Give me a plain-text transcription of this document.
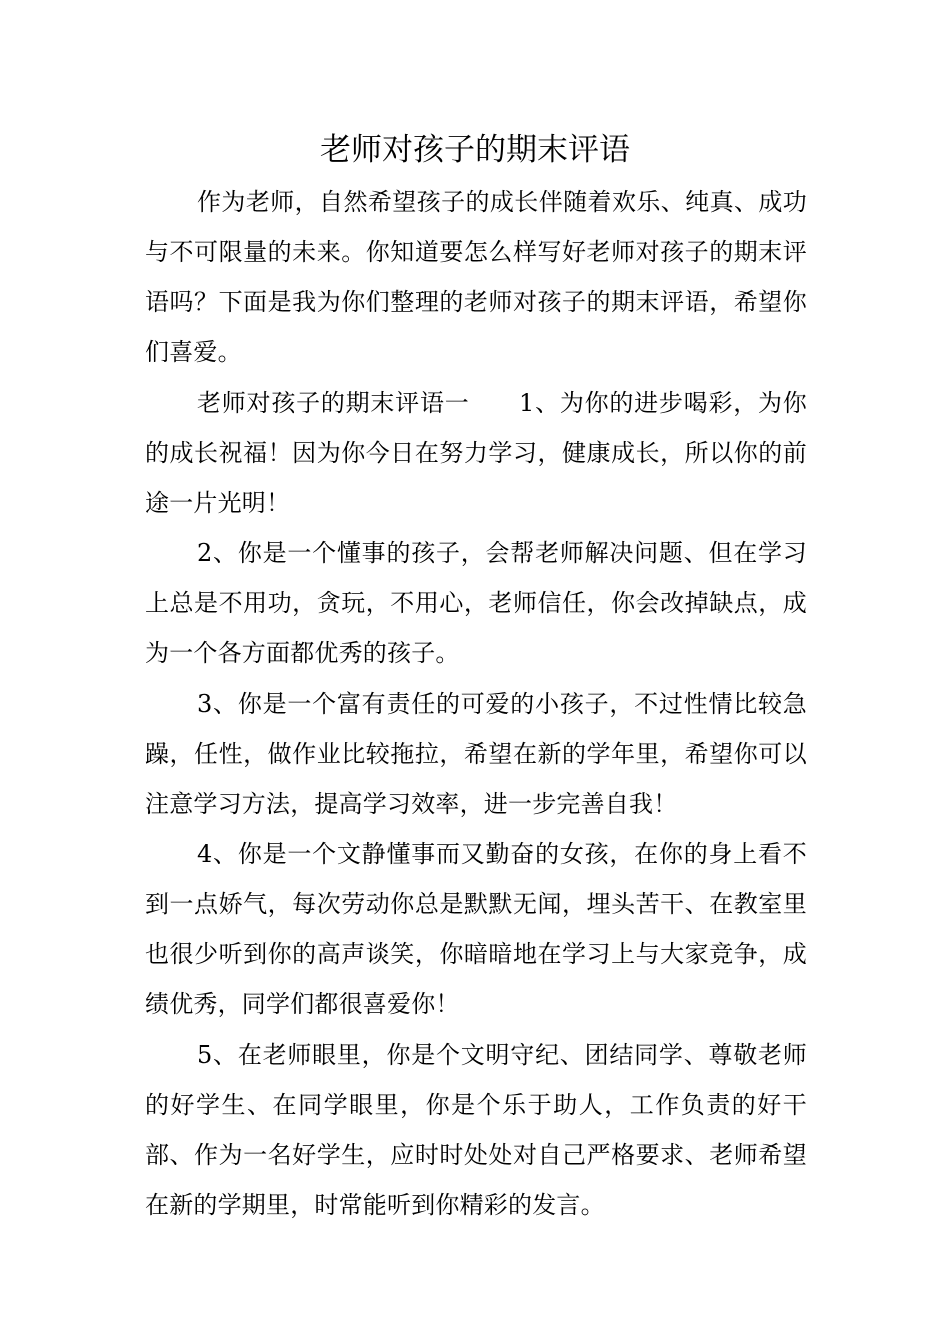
老师对孩子的期末评语

作为老师，自然希望孩子的成长伴随着欢乐、纯真、成功与不可限量的未来。你知道要怎么样写好老师对孩子的期末评语吗？下面是我为你们整理的老师对孩子的期末评语，希望你们喜爱。

老师对孩子的期末评语一　　1、为你的进步喝彩，为你的成长祝福！因为你今日在努力学习，健康成长，所以你的前途一片光明！

2、你是一个懂事的孩子，会帮老师解决问题、但在学习上总是不用功，贪玩，不用心，老师信任，你会改掉缺点，成为一个各方面都优秀的孩子。

3、你是一个富有责任的可爱的小孩子，不过性情比较急躁，任性，做作业比较拖拉，希望在新的学年里，希望你可以注意学习方法，提高学习效率，进一步完善自我！

4、你是一个文静懂事而又勤奋的女孩，在你的身上看不到一点娇气，每次劳动你总是默默无闻，埋头苦干、在教室里也很少听到你的高声谈笑，你暗暗地在学习上与大家竞争，成绩优秀，同学们都很喜爱你！

5、在老师眼里，你是个文明守纪、团结同学、尊敬老师的好学生、在同学眼里，你是个乐于助人，工作负责的好干部、作为一名好学生，应时时处处对自己严格要求、老师希望在新的学期里，时常能听到你精彩的发言。
